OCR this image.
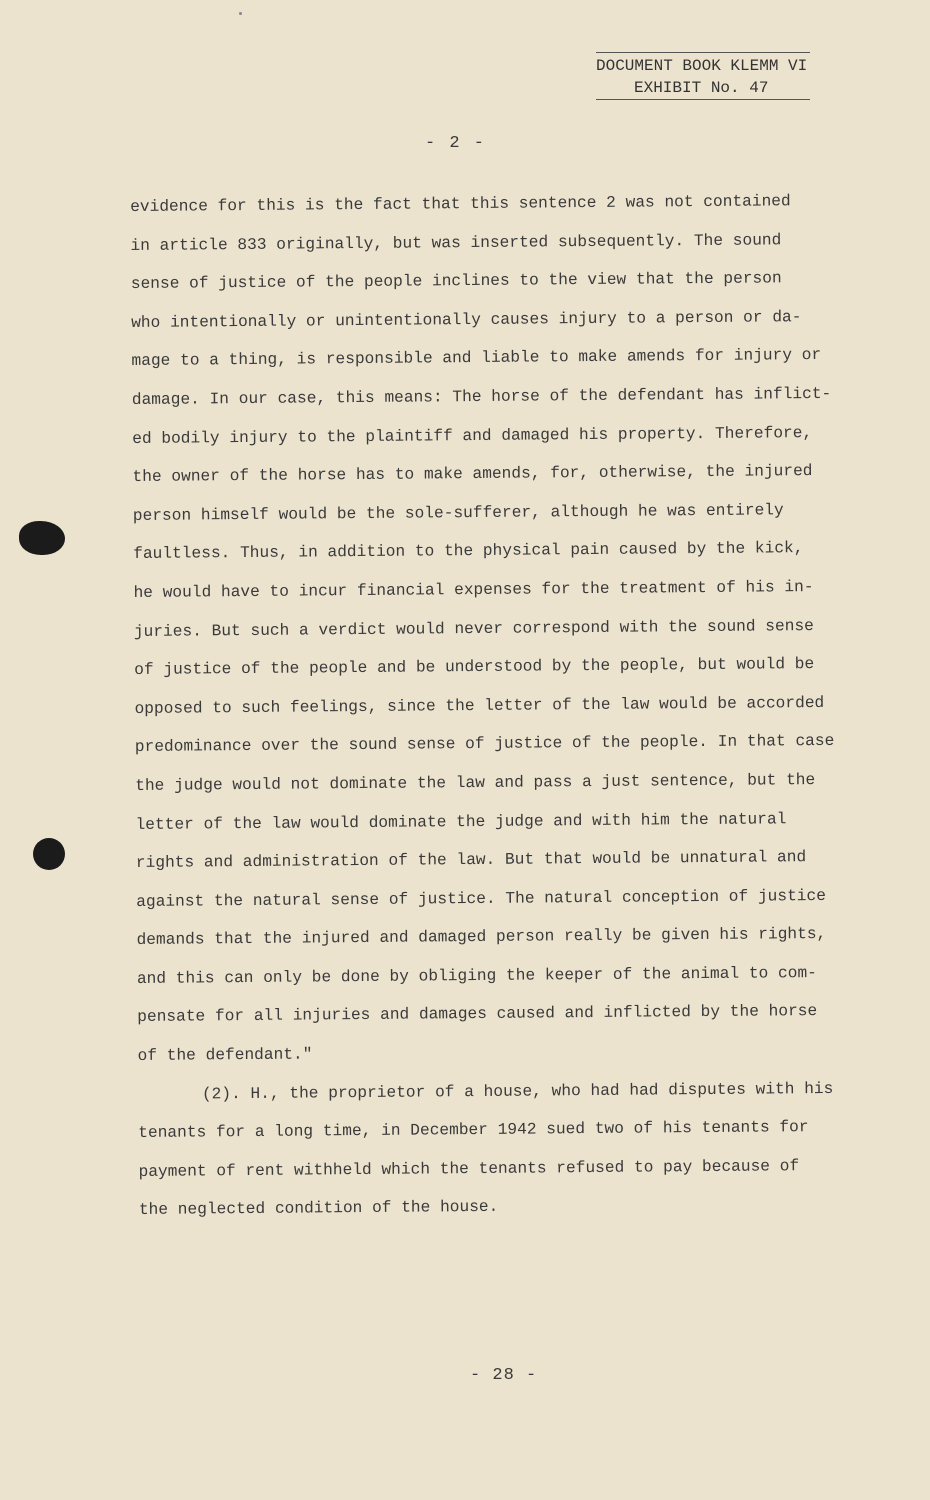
DOCUMENT BOOK KLEMM VI
EXHIBIT No. 47
- 2 -
evidence for this is the fact that this sentence 2 was not contained
in article 833 originally, but was inserted subsequently. The sound
sense of justice of the people inclines to the view that the person
who intentionally or unintentionally causes injury to a person or da-
mage to a thing, is responsible and liable to make amends for injury or
damage. In our case, this means: The horse of the defendant has inflict-
ed bodily injury to the plaintiff and damaged his property. Therefore,
the owner of the horse has to make amends, for, otherwise, the injured
person himself would be the sole-sufferer, although he was entirely
faultless. Thus, in addition to the physical pain caused by the kick,
he would have to incur financial expenses for the treatment of his in-
juries. But such a verdict would never correspond with the sound sense
of justice of the people and be understood by the people, but would be
opposed to such feelings, since the letter of the law would be accorded
predominance over the sound sense of justice of the people. In that case
the judge would not dominate the law and pass a just sentence, but the
letter of the law would dominate the judge and with him the natural
rights and administration of the law. But that would be unnatural and
against the natural sense of justice. The natural conception of justice
demands that the injured and damaged person really be given his rights,
and this can only be done by obliging the keeper of the animal to com-
pensate for all injuries and damages caused and inflicted by the horse
of the defendant."
(2). H., the proprietor of a house, who had had disputes with his
tenants for a long time, in December 1942 sued two of his tenants for
payment of rent withheld which the tenants refused to pay because of
the neglected condition of the house.
- 28 -
